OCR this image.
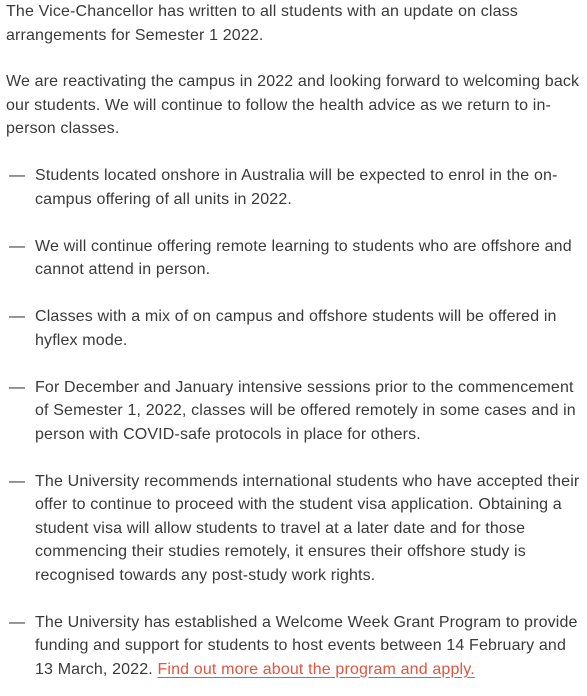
The Vice-Chancellor has written to all students with an update on class arrangements for Semester 1 2022.

We are reactivating the campus in 2022 and looking forward to welcoming back our students. We will continue to follow the health advice as we return to in-person classes.

— Students located onshore in Australia will be expected to enrol in the on-campus offering of all units in 2022.
— We will continue offering remote learning to students who are offshore and cannot attend in person.
— Classes with a mix of on campus and offshore students will be offered in hyflex mode.
— For December and January intensive sessions prior to the commencement of Semester 1, 2022, classes will be offered remotely in some cases and in person with COVID-safe protocols in place for others.
— The University recommends international students who have accepted their offer to continue to proceed with the student visa application. Obtaining a student visa will allow students to travel at a later date and for those commencing their studies remotely, it ensures their offshore study is recognised towards any post-study work rights.
— The University has established a Welcome Week Grant Program to provide funding and support for students to host events between 14 February and 13 March, 2022. Find out more about the program and apply.
